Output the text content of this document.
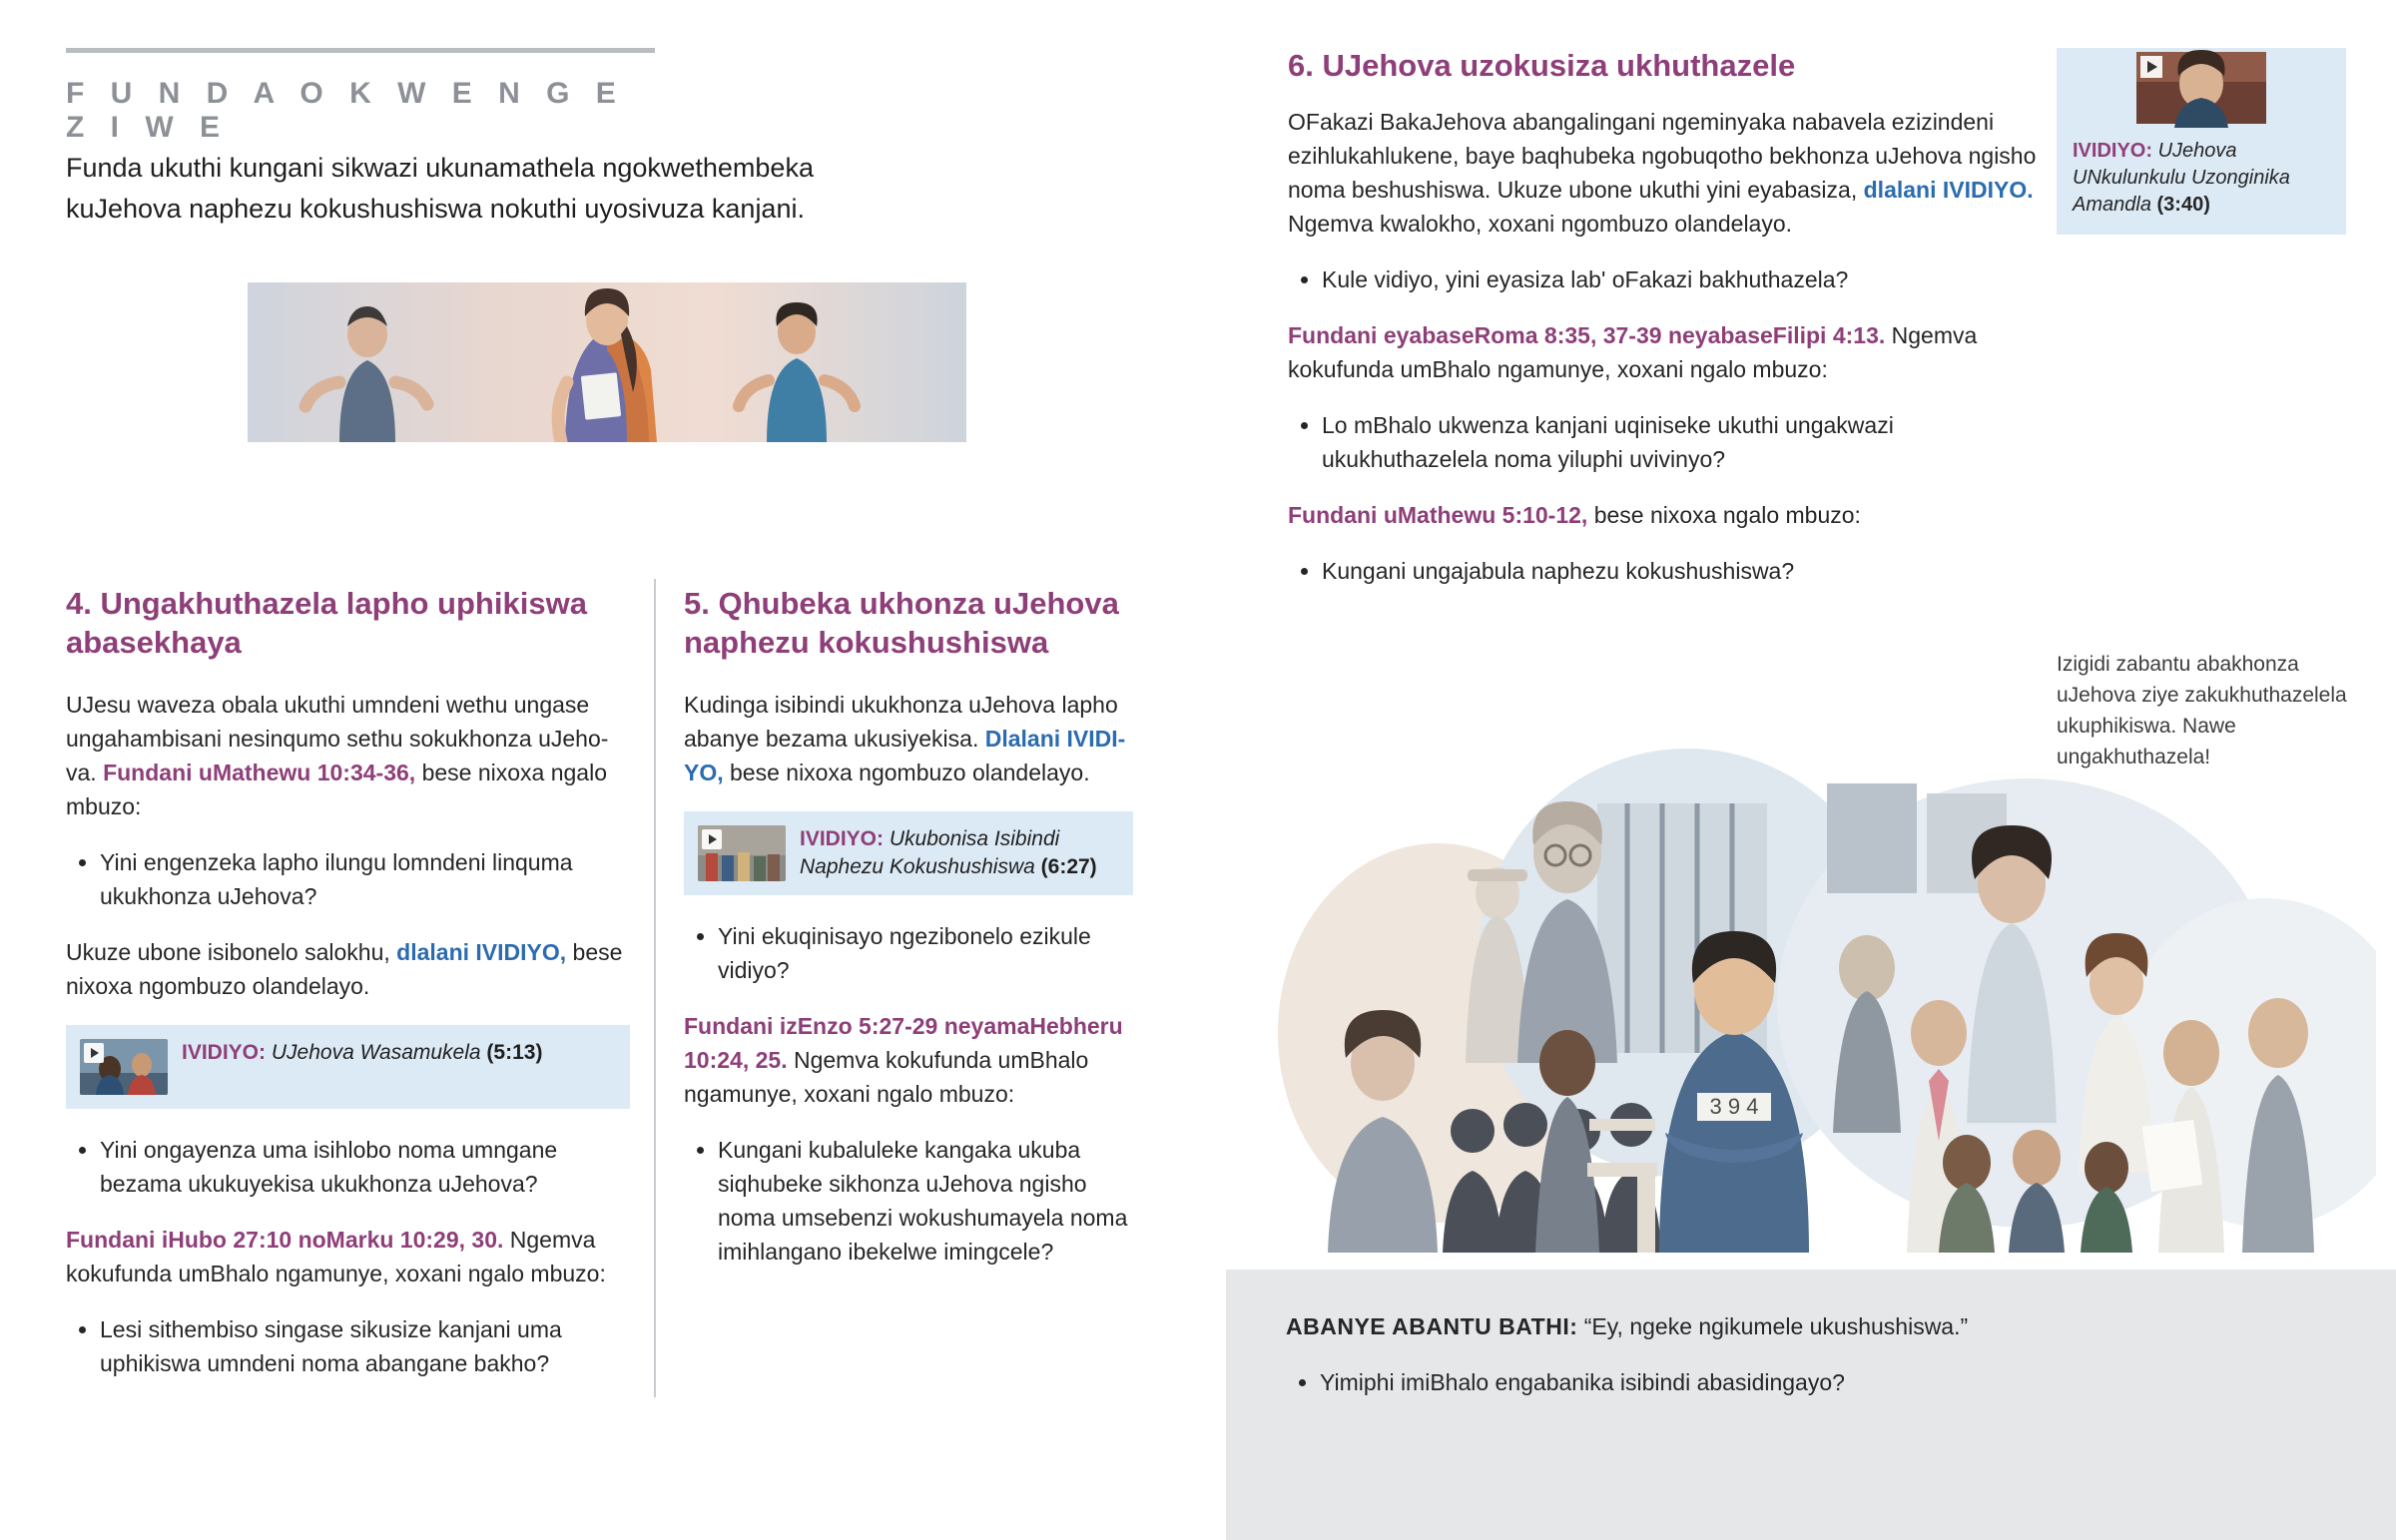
F U N D A O K W E N G E Z I W E
Funda ukuthi kungani sikwazi ukunamathela ngokwethembeka kuJehova naphezu kokushushiswa nokuthi uyosivuza kanjani.
4. Ungakhuthazela lapho uphikiswa abasekhaya

UJesu waveza obala ukuthi umndeni wethu ungase ungahambisani nesinqumo sethu sokukhonza uJeho-va. Fundani uMathewu 10:34-36, bese nixoxa ngalo mbuzo:

• Yini engenzeka lapho ilungu lomndeni linquma ukukhonza uJehova?

Ukuze ubone isibonelo salokhu, dlalani IVIDIYO, bese nixoxa ngombuzo olandelayo.

IVIDIYO: UJehova Wasamukela (5:13)
• Yini ongayenza uma isihlobo noma umngane bezama ukukuyekisa ukukhonza uJehova?

Fundani iHubo 27:10 noMarku 10:29, 30. Ngemva kokufunda umBhalo ngamunye, xoxani ngalo mbuzo:

• Lesi sithembiso singase sikusize kanjani uma uphikiswa umndeni noma abangane bakho?
5. Qhubeka ukhonza uJehova naphezu kokushushiswa

Kudinga isibindi ukukhonza uJehova lapho abanye bezama ukusiyekisa. Dlalani IVIDI-YO, bese nixoxa ngombuzo olandelayo.

IVIDIYO: Ukubonisa Isibindi Naphezu Kokushushiswa (6:27)
• Yini ekuqinisayo ngezibonelo ezikule vidiyo?

Fundani izEnzo 5:27-29 neyamaHebheru 10:24, 25. Ngemva kokufunda umBhalo ngamunye, xoxani ngalo mbuzo:

• Kungani kubaluleke kangaka ukuba siqhubeke sikhonza uJehova ngisho noma umsebenzi wokushumayela noma imihlangano ibekelwe imingcele?
6. UJehova uzokusiza ukhuthazele

OFakazi BakaJehova abangalingani ngeminyaka nabavela ezizindeni ezihlukahlukene, baye baqhubeka ngobuqotho bekhonza uJehova ngisho noma beshushiswa. Ukuze ubone ukuthi yini eyabasiza, dlalani IVIDIYO. Ngemva kwalokho, xoxani ngombuzo olandelayo.

• Kule vidiyo, yini eyasiza lab' oFakazi bakhuthazela?

Fundani eyabaseRoma 8:35, 37-39 neyabaseFilipi 4:13. Ngemva kokufunda umBhalo ngamunye, xoxani ngalo mbuzo:

• Lo mBhalo ukwenza kanjani uqiniseke ukuthi ungakwazi ukukhuthazelela noma yiluphi uvivinyo?

Fundani uMathewu 5:10-12, bese nixoxa ngalo mbuzo:

• Kungani ungajabula naphezu kokushushiswa?
IVIDIYO: UJehova UNkulunkulu Uzonginika Amandla (3:40)
Izigidi zabantu abakhonza uJehova ziye zakukhuthazelela ukuphikiswa. Nawe ungakhuthazela!
3 9 4

ABANYE ABANTU BATHI: “Ey, ngeke ngikumele ukushushiswa.”

• Yimiphi imiBhalo engabanika isibindi abasidingayo?
